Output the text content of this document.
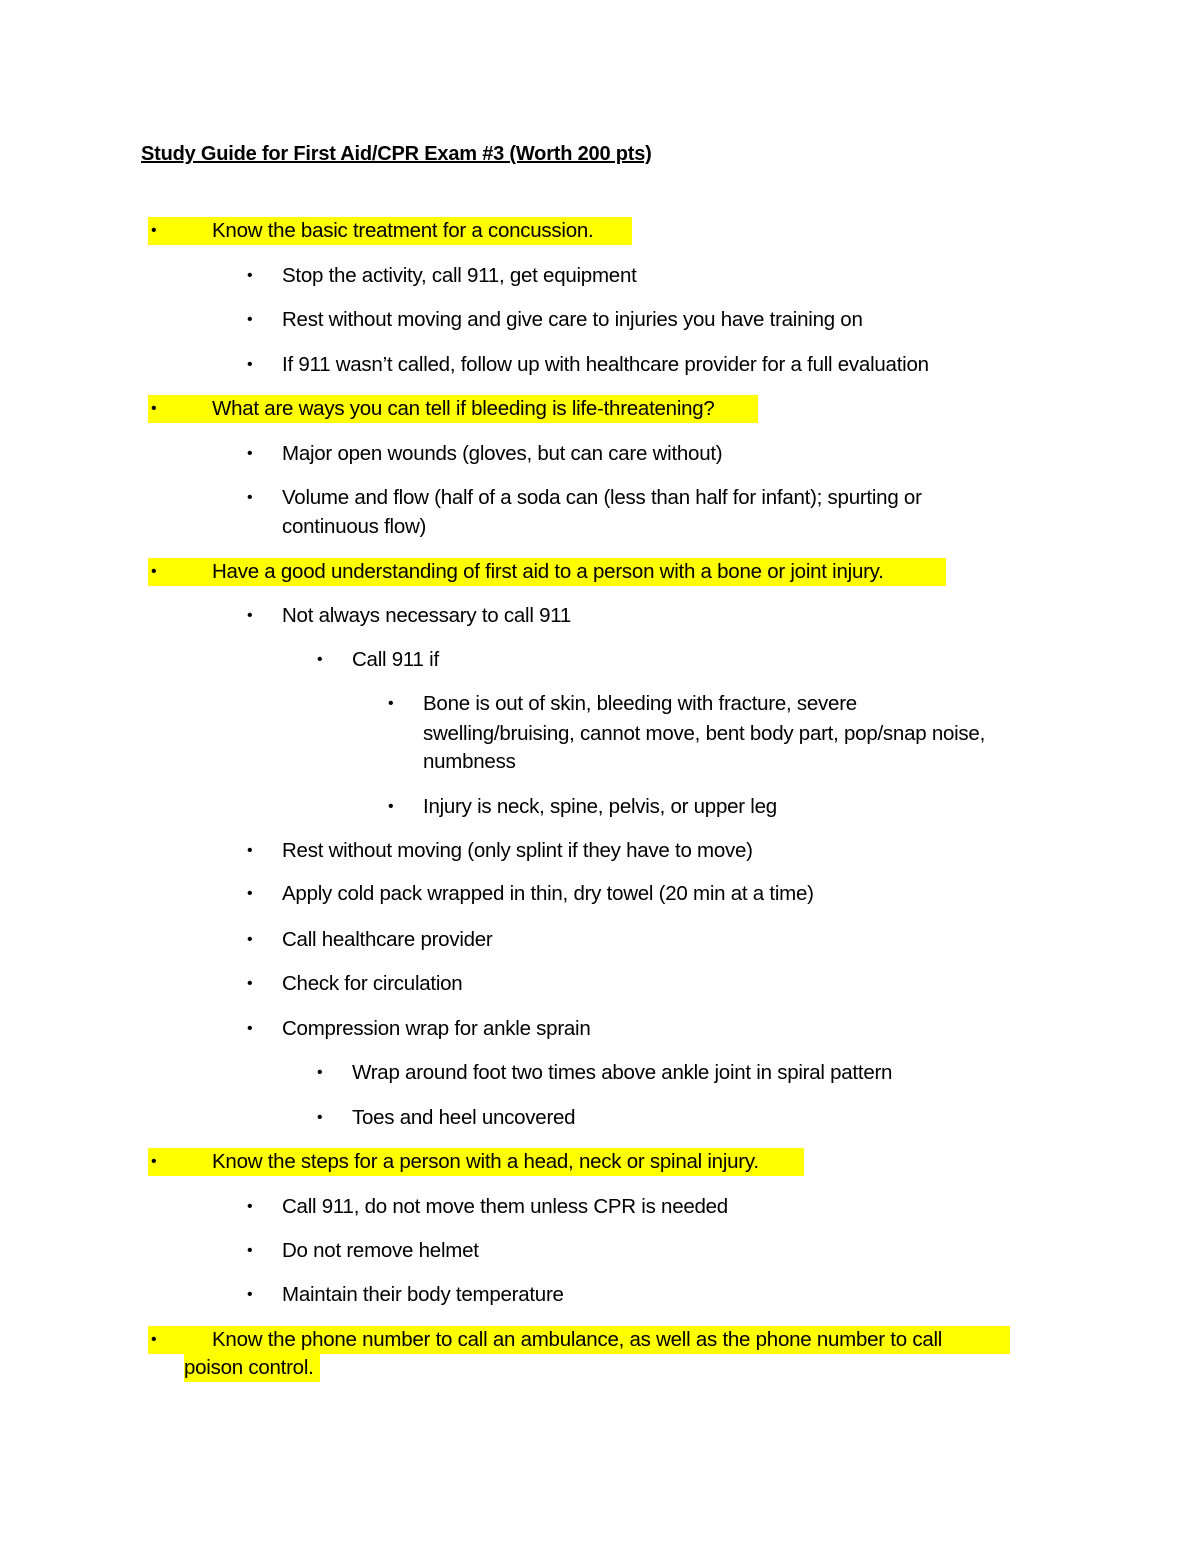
Study Guide for First Aid/CPR Exam #3 (Worth 200 pts)
•	Know the basic treatment for a concussion.
• Stop the activity, call 911, get equipment
• Rest without moving and give care to injuries you have training on
• If 911 wasn’t called, follow up with healthcare provider for a full evaluation
•	What are ways you can tell if bleeding is life-threatening?
• Major open wounds (gloves, but can care without)
• Volume and flow (half of a soda can (less than half for infant); spurting or
continuous flow)
•	Have a good understanding of first aid to a person with a bone or joint injury.
• Not always necessary to call 911
• Call 911 if
• Bone is out of skin, bleeding with fracture, severe
swelling/bruising, cannot move, bent body part, pop/snap noise,
numbness
• Injury is neck, spine, pelvis, or upper leg
• Rest without moving (only splint if they have to move)
• Apply cold pack wrapped in thin, dry towel (20 min at a time)
• Call healthcare provider
• Check for circulation
• Compression wrap for ankle sprain
• Wrap around foot two times above ankle joint in spiral pattern
• Toes and heel uncovered
•	Know the steps for a person with a head, neck or spinal injury.
• Call 911, do not move them unless CPR is needed
• Do not remove helmet
• Maintain their body temperature
•	Know the phone number to call an ambulance, as well as the phone number to call
poison control.
